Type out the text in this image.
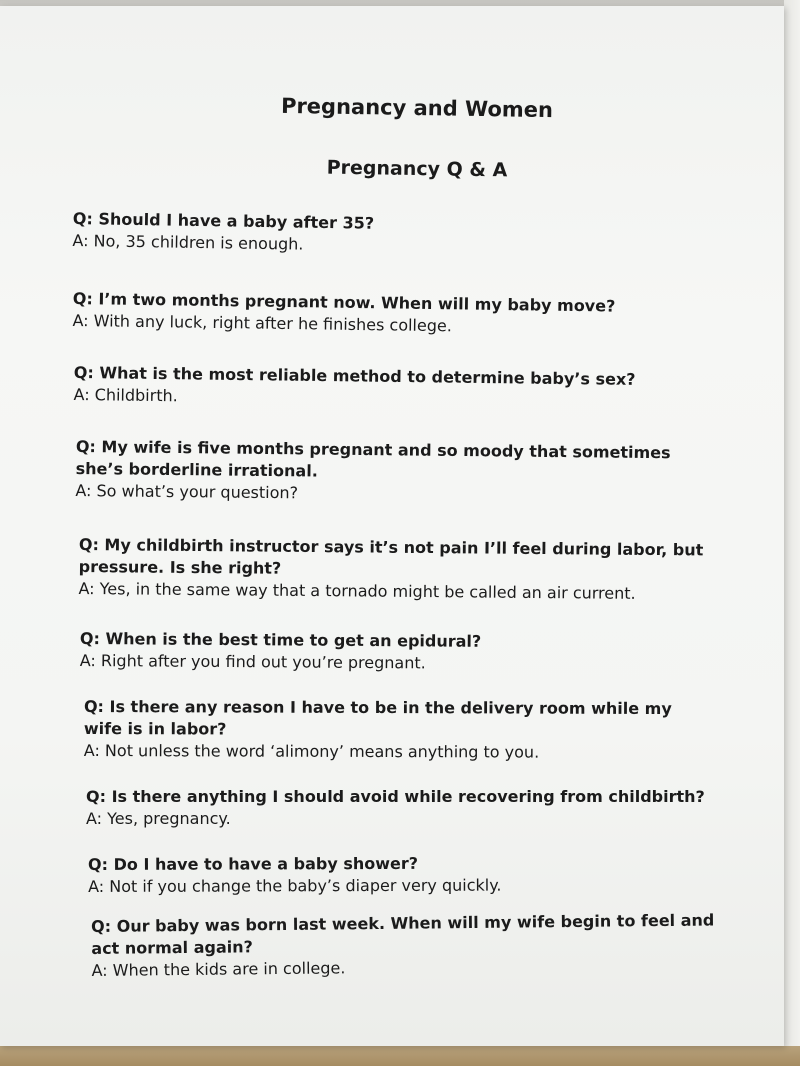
Pregnancy and Women
Pregnancy Q & A

Q: Should I have a baby after 35?

A: No, 35 children is enough.

Q: I’m two months pregnant now. When will my baby move?

A: With any luck, right after he finishes college.

Q: What is the most reliable method to determine baby’s sex?

A: Childbirth.

Q: My wife is five months pregnant and so moody that sometimes she’s borderline irrational.

A: So what’s your question?

Q: My childbirth instructor says it’s not pain I’ll feel during labor, but pressure. Is she right?

A: Yes, in the same way that a tornado might be called an air current.

Q: When is the best time to get an epidural?

A: Right after you find out you’re pregnant.

Q: Is there any reason I have to be in the delivery room while my wife is in labor?

A: Not unless the word ‘alimony’ means anything to you.

Q: Is there anything I should avoid while recovering from childbirth?

A: Yes, pregnancy.

Q: Do I have to have a baby shower?

A: Not if you change the baby’s diaper very quickly.

Q: Our baby was born last week. When will my wife begin to feel and act normal again?

A: When the kids are in college.
